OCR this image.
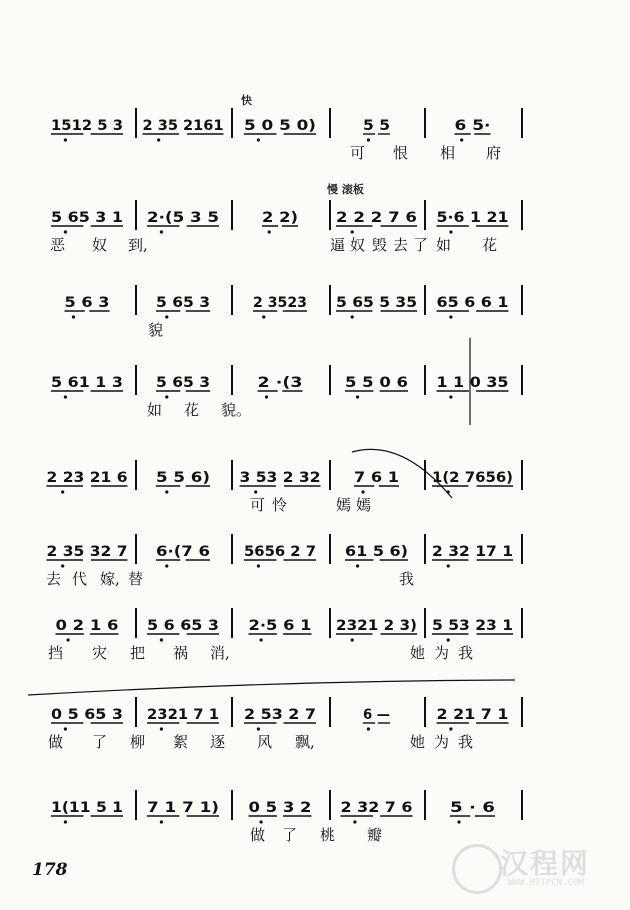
1512 5 3 2 35 2161 5 0 5 0)	5 5	6 5·
可 恨 相 府
5 65 3 1 2·(5 3 5	2 2)	2 2 2 7 6 5·6 1 21
恶 奴 到,	逼 奴 毁 去 了 如 花
5 6 3	5 65 3	2 3523 5 65 5 35 65 6 6 1
貌
5 61 1 3 5 65 3	2 ·(3	5 5 0 6 1 1 0 35
如 花 貌。
2 23 21 6 5 5 6) 3 53 2 32 7 6 1 1(2 7656)
可 怜	嫣 嫣
2 35 32 7 6·(7 6 5656 2 7 61 5 6) 2 32 17 1
去 代 嫁, 替	我
0 2 1 6 5 6 65 3 2·5 6 1 2321 2 3) 5 53 23 1
挡 灾 把 祸 消,	她 为 我
0 5 65 3 2321 7 1 2 53 2 7	6 —	2 21 7 1
做 了 柳 絮 逐 风 飘,	她 为 我
1(11 5 1 7 1 7 1) 0 5 3 2 2 32 7 6	5 · 6
做 了 桃 瓣
快
慢 滚板
178	汉程网
WWW.HTTPCN.COM
